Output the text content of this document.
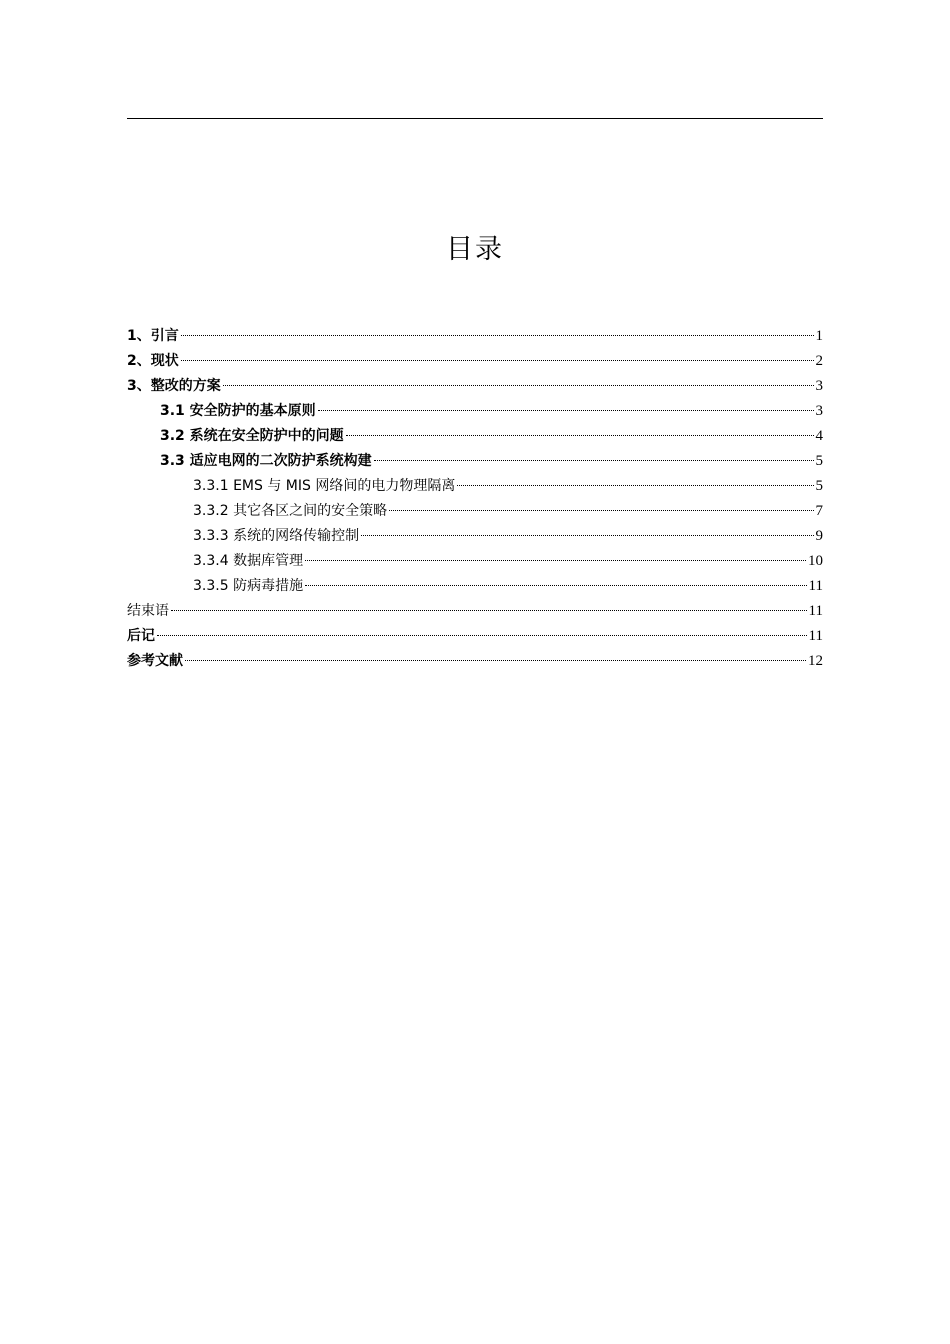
目录
1、引言	1
2、现状	2
3、整改的方案	3
3.1 安全防护的基本原则	3
3.2 系统在安全防护中的问题	4
3.3 适应电网的二次防护系统构建	5
3.3.1 EMS 与 MIS 网络间的电力物理隔离	5
3.3.2 其它各区之间的安全策略	7
3.3.3 系统的网络传输控制	9
3.3.4 数据库管理	10
3.3.5 防病毒措施	11
结束语	11
后记	11
参考文献	12
